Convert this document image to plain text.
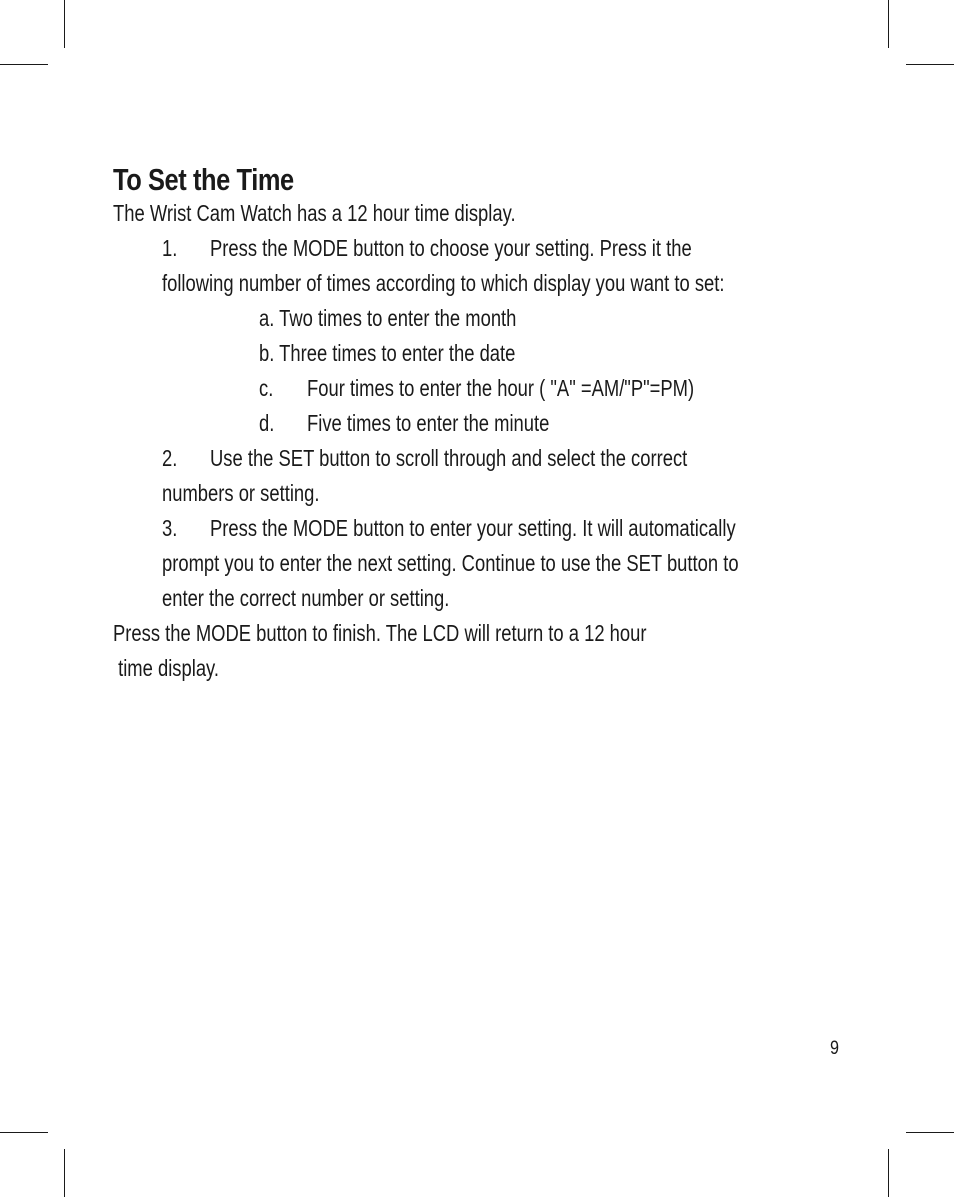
To Set the Time
The Wrist Cam Watch has a 12 hour time display.
1. Press the MODE button to choose your setting. Press it the
following number of times according to which display you want to set:
a. Two times to enter the month
b. Three times to enter the date
c. Four times to enter the hour ( "A" =AM/"P"=PM)
d. Five times to enter the minute
2. Use the SET button to scroll through and select the correct
numbers or setting.
3. Press the MODE button to enter your setting. It will automatically
prompt you to enter the next setting. Continue to use the SET button to
enter the correct number or setting.
Press the MODE button to finish. The LCD will return to a 12 hour
time display.
9
